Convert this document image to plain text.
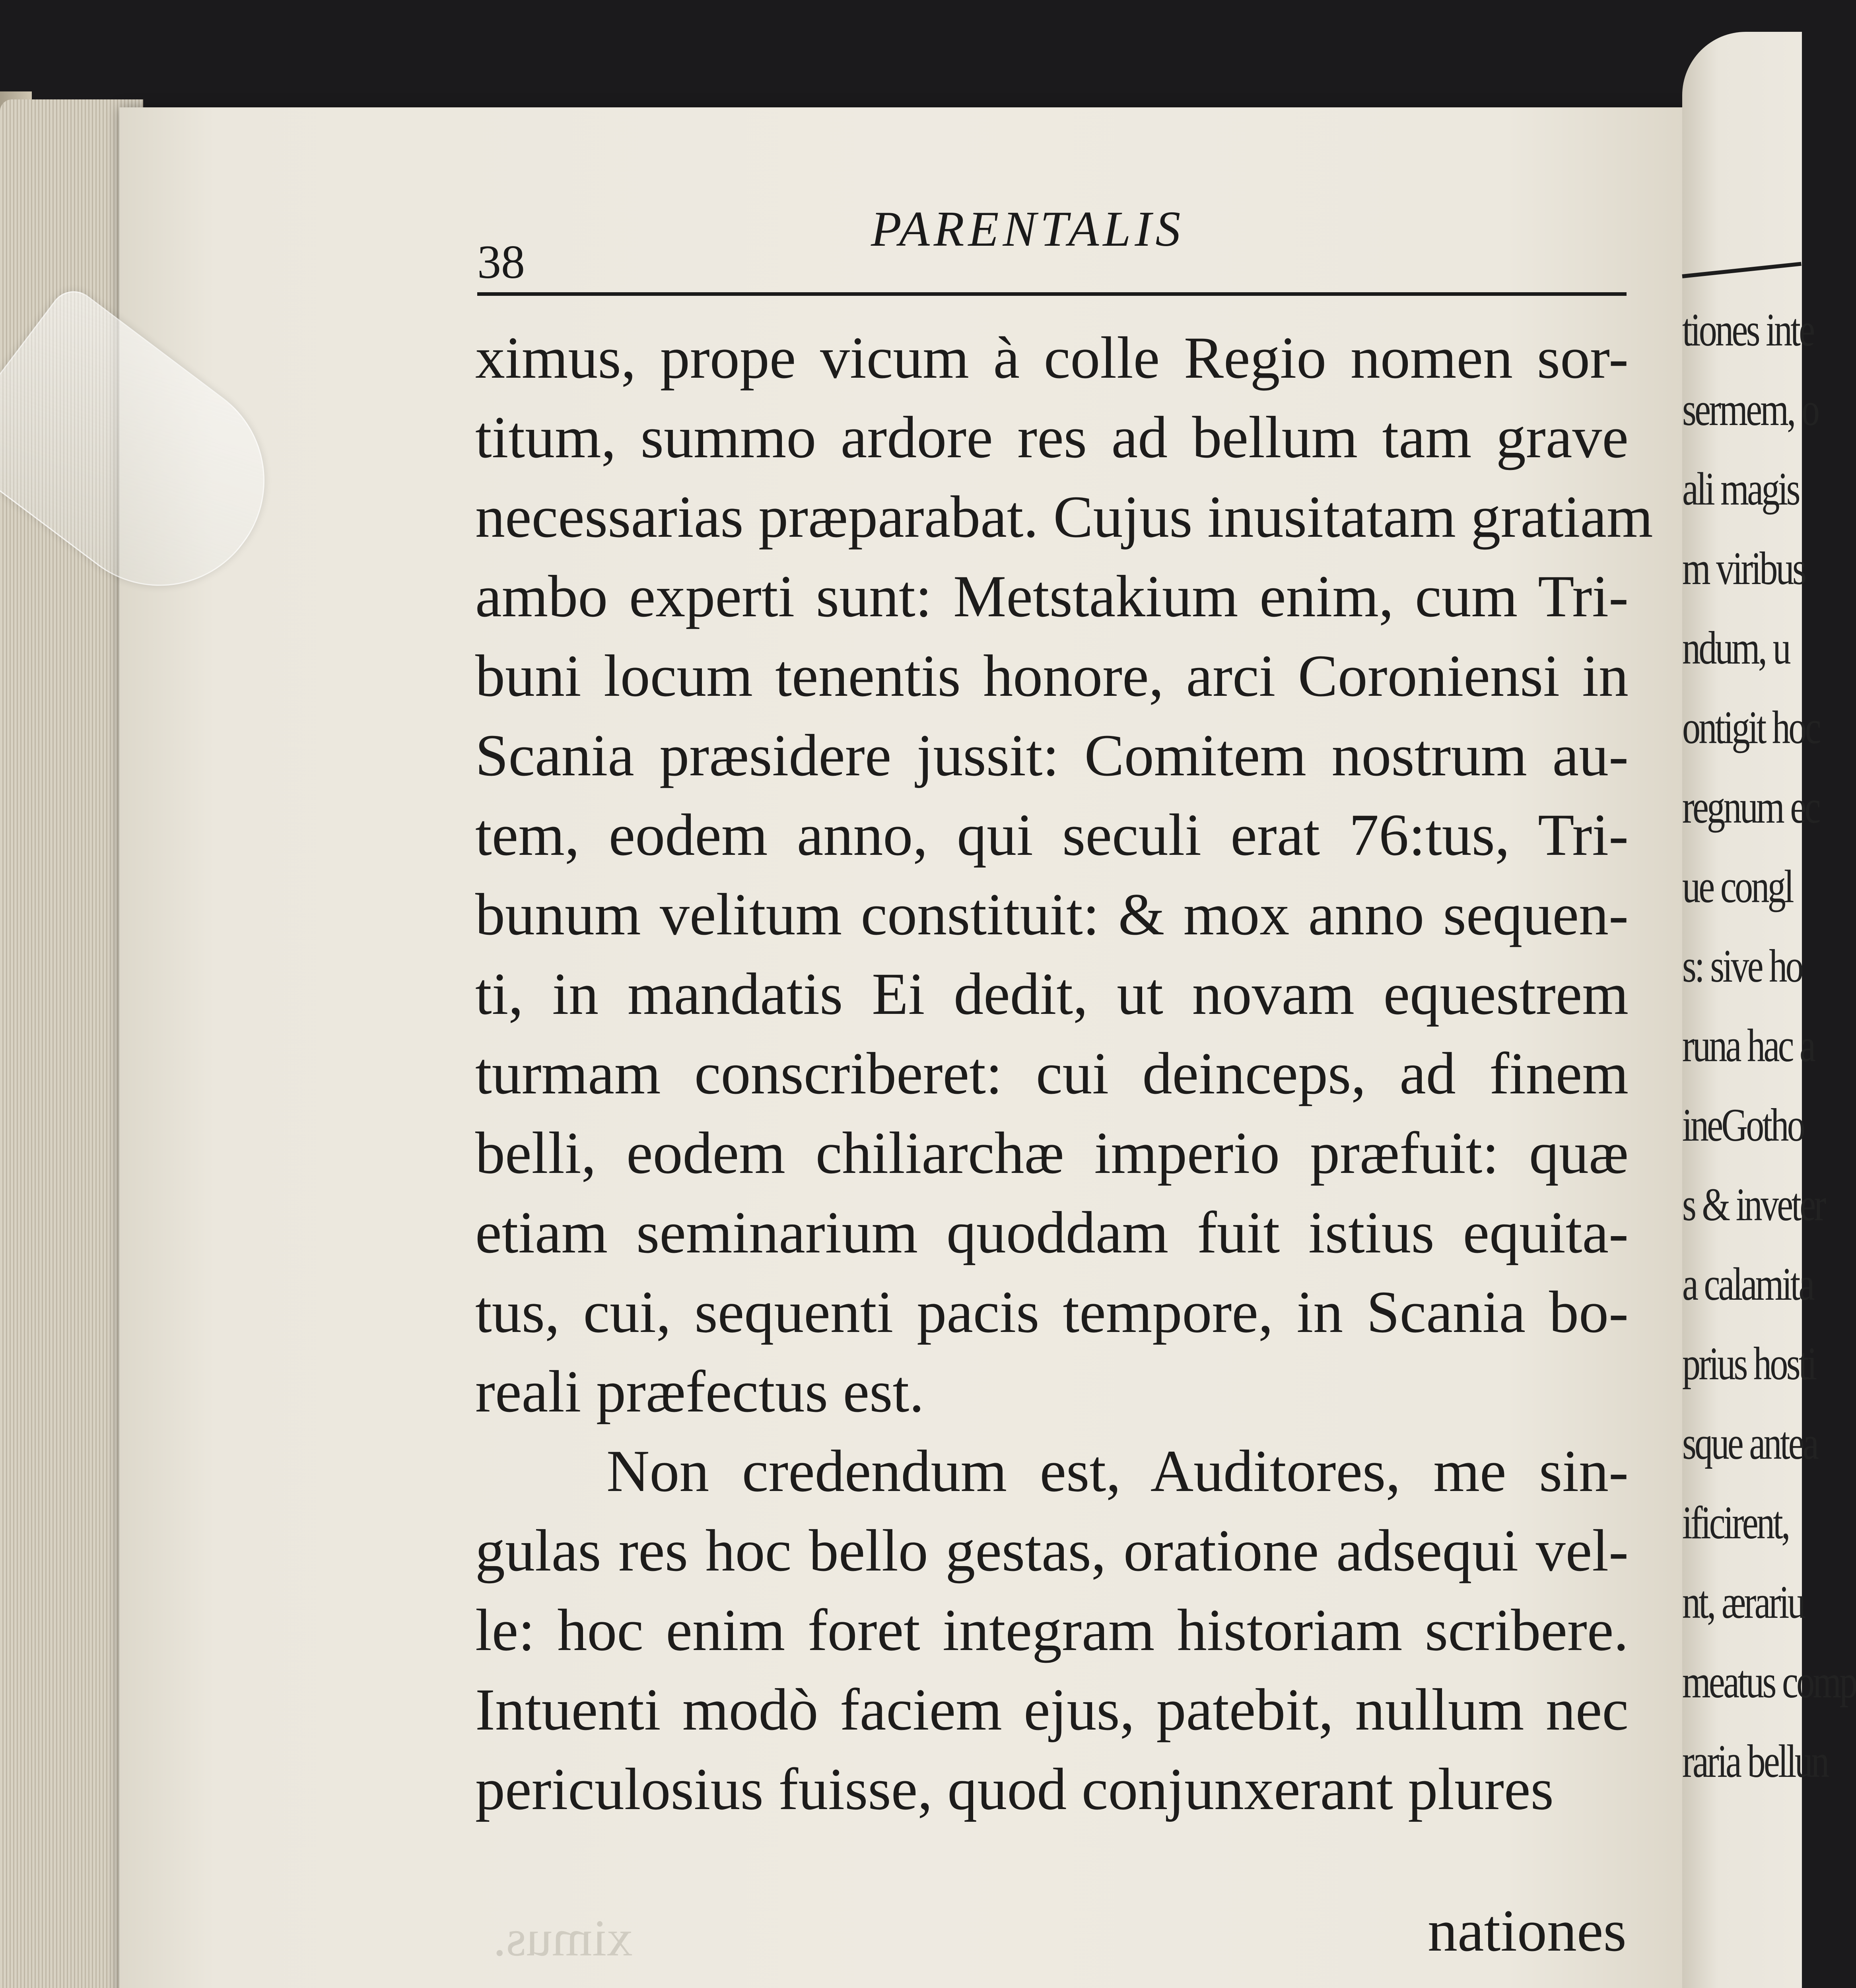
tiones inte
sermem, o
ali magis
m viribus
ndum, u
ontigit hoc
regnum ec
ue congl
s: sive ho
runa hac a
ineGotho
s & inveter
a calamita
prius hosti
sque antea
ificirent,
nt, ærariu
meatus comp
raria bellun
38
PARENTALIS
ximus, prope vicum à colle Regio nomen sor-
titum, summo ardore res ad bellum tam grave
necessarias præparabat. Cujus inusitatam gratiam
ambo experti sunt: Metstakium enim, cum Tri-
buni locum tenentis honore, arci Coroniensi in
Scania præsidere jussit: Comitem nostrum au-
tem, eodem anno, qui seculi erat 76:tus, Tri-
bunum velitum constituit: & mox anno sequen-
ti, in mandatis Ei dedit, ut novam equestrem
turmam conscriberet: cui deinceps, ad finem
belli, eodem chiliarchæ imperio præfuit: quæ
etiam seminarium quoddam fuit istius equita-
tus, cui, sequenti pacis tempore, in Scania bo-
reali præfectus est.
Non credendum est, Auditores, me sin-
gulas res hoc bello gestas, oratione adsequi vel-
le: hoc enim foret integram historiam scribere.
Intuenti modò faciem ejus, patebit, nullum nec
periculosius fuisse, quod conjunxerant plures
ximus.	nationes
